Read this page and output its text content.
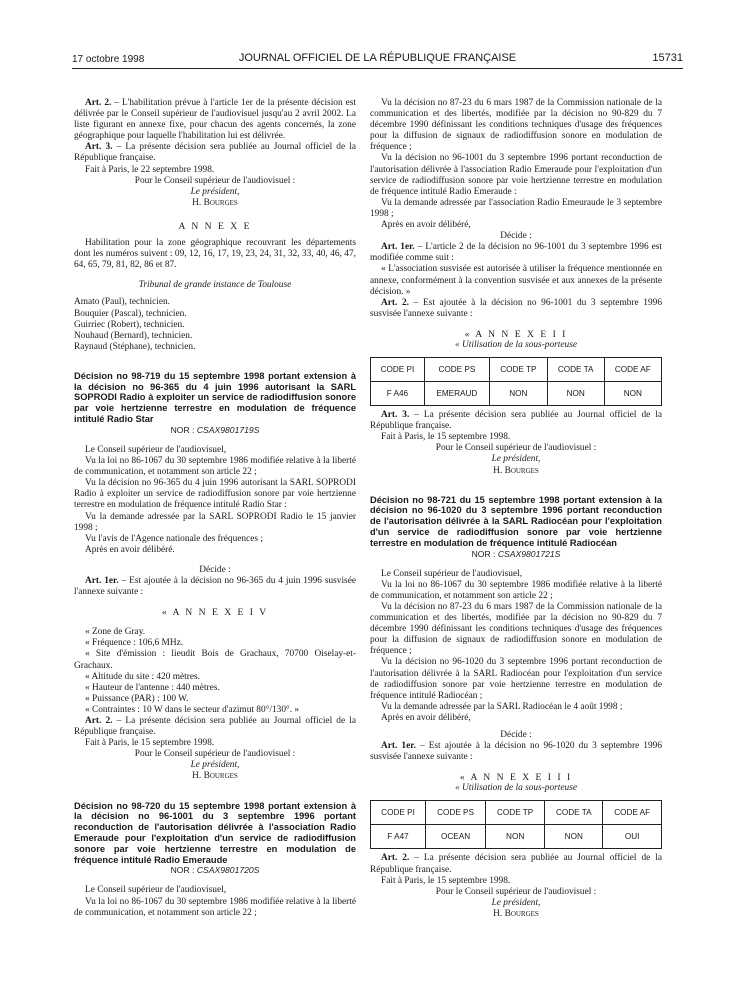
17 octobre 1998	JOURNAL OFFICIEL DE LA RÉPUBLIQUE FRANÇAISE	15731

Art. 2. – L'habilitation prévue à l'article 1er de la présente décision est délivrée par le Conseil supérieur de l'audiovisuel jusqu'au 2 avril 2002. La liste figurant en annexe fixe, pour chacun des agents concernés, la zone géographique pour laquelle l'habilitation lui est délivrée.

Art. 3. – La présente décision sera publiée au Journal officiel de la République française.

Fait à Paris, le 22 septembre 1998.

Pour le Conseil supérieur de l'audiovisuel :

Le président,

H. Bourges

A N N E X E

Habilitation pour la zone géographique recouvrant les départements dont les numéros suivent : 09, 12, 16, 17, 19, 23, 24, 31, 32, 33, 40, 46, 47, 64, 65, 79, 81, 82, 86 et 87.

Tribunal de grande instance de Toulouse

Amato (Paul), technicien.

Bouquier (Pascal), technicien.

Guirriec (Robert), technicien.

Nouhaud (Bernard), technicien.

Raynaud (Stéphane), technicien.

Décision no 98-719 du 15 septembre 1998 portant extension à la décision no 96-365 du 4 juin 1996 autorisant la SARL SOPRODI Radio à exploiter un service de radiodiffusion sonore par voie hertzienne terrestre en modulation de fréquence intitulé Radio Star

NOR : CSAX9801719S

Le Conseil supérieur de l'audiovisuel,

Vu la loi no 86-1067 du 30 septembre 1986 modifiée relative à la liberté de communication, et notamment son article 22 ;

Vu la décision no 96-365 du 4 juin 1996 autorisant la SARL SOPRODI Radio à exploiter un service de radiodiffusion sonore par voie hertzienne terrestre en modulation de fréquence intitulé Radio Star :

Vu la demande adressée par la SARL SOPRODI Radio le 15 janvier 1998 ;

Vu l'avis de l'Agence nationale des fréquences ;

Après en avoir délibéré.

Décide :

Art. 1er. – Est ajoutée à la décision no 96-365 du 4 juin 1996 susvisée l'annexe suivante :

« A N N E X E I V

« Zone de Gray.

« Fréquence : 106,6 MHz.

« Site d'émission : lieudit Bois de Grachaux, 70700 Oiselay-et-Grachaux.

« Altitude du site : 420 mètres.

« Hauteur de l'antenne : 440 mètres.

« Puissance (PAR) : 100 W.

« Contraintes : 10 W dans le secteur d'azimut 80°/130°. »

Art. 2. – La présente décision sera publiée au Journal officiel de la République française.

Fait à Paris, le 15 septembre 1998.

Pour le Conseil supérieur de l'audiovisuel :

Le président,

H. Bourges

Décision no 98-720 du 15 septembre 1998 portant extension à la décision no 96-1001 du 3 septembre 1996 portant reconduction de l'autorisation délivrée à l'association Radio Emeraude pour l'exploitation d'un service de radiodiffusion sonore par voie hertzienne terrestre en modulation de fréquence intitulé Radio Emeraude

NOR : CSAX9801720S

Le Conseil supérieur de l'audiovisuel,

Vu la loi no 86-1067 du 30 septembre 1986 modifiée relative à la liberté de communication, et notamment son article 22 ;

Vu la décision no 87-23 du 6 mars 1987 de la Commission nationale de la communication et des libertés, modifiée par la décision no 90-829 du 7 décembre 1990 définissant les conditions techniques d'usage des fréquences pour la diffusion de signaux de radiodiffusion sonore en modulation de fréquence ;

Vu la décision no 96-1001 du 3 septembre 1996 portant reconduction de l'autorisation délivrée à l'association Radio Emeraude pour l'exploitation d'un service de radiodiffusion sonore par voie hertzienne terrestre en modulation de fréquence intitulé Radio Emeraude :

Vu la demande adressée par l'association Radio Emeuraude le 3 septembre 1998 ;

Après en avoir délibéré,

Décide :

Art. 1er. – L'article 2 de la décision no 96-1001 du 3 septembre 1996 est modifiée comme suit :

« L'association susvisée est autorisée à utiliser la fréquence mentionnée en annexe, conformément à la convention susvisée et aux annexes de la présente décision. »

Art. 2. – Est ajoutée à la décision no 96-1001 du 3 septembre 1996 susvisée l'annexe suivante :

« A N N E X E I I

« Utilisation de la sous-porteuse

CODE PI	CODE PS	CODE TP	CODE TA	CODE AF
F A46	EMERAUD	NON	NON	NON

Art. 3. – La présente décision sera publiée au Journal officiel de la République française.

Fait à Paris, le 15 septembre 1998.

Pour le Conseil supérieur de l'audiovisuel :

Le président,

H. Bourges

Décision no 98-721 du 15 septembre 1998 portant extension à la décision no 96-1020 du 3 septembre 1996 portant reconduction de l'autorisation délivrée à la SARL Radiocéan pour l'exploitation d'un service de radiodiffusion sonore par voie hertzienne terrestre en modulation de fréquence intitulé Radiocéan

NOR : CSAX9801721S

Le Conseil supérieur de l'audiovisuel,

Vu la loi no 86-1067 du 30 septembre 1986 modifiée relative à la liberté de communication, et notamment son article 22 ;

Vu la décision no 87-23 du 6 mars 1987 de la Commission nationale de la communication et des libertés, modifiée par la décision no 90-829 du 7 décembre 1990 définissant les conditions techniques d'usage des fréquences pour la diffusion de signaux de radiodiffusion sonore en modulation de fréquence ;

Vu la décision no 96-1020 du 3 septembre 1996 portant reconduction de l'autorisation délivrée à la SARL Radiocéan pour l'exploitation d'un service de radiodiffusion sonore par voie hertzienne terrestre en modulation de fréquence intitulé Radiocéan ;

Vu la demande adressée par la SARL Radiocéan le 4 août 1998 ;

Après en avoir délibéré,

Décide :

Art. 1er. – Est ajoutée à la décision no 96-1020 du 3 septembre 1996 susvisée l'annexe suivante :

« A N N E X E I I I

« Utilisation de la sous-porteuse

CODE PI	CODE PS	CODE TP	CODE TA	CODE AF
F A47	OCEAN	NON	NON	OUI

Art. 2. – La présente décision sera publiée au Journal officiel de la République française.

Fait à Paris, le 15 septembre 1998.

Pour le Conseil supérieur de l'audiovisuel :

Le président,

H. Bourges
